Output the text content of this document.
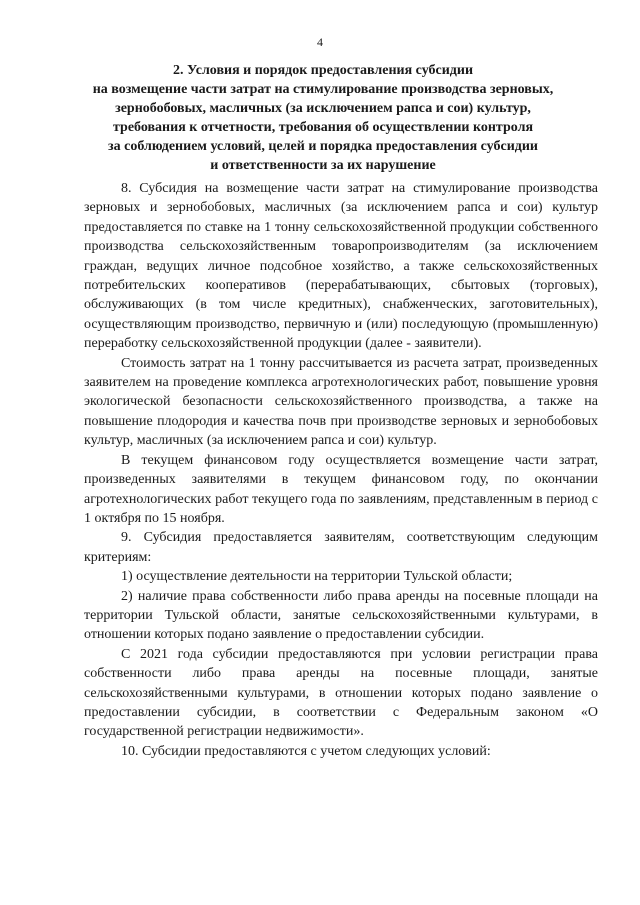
4
2. Условия и порядок предоставления субсидии
на возмещение части затрат на стимулирование производства зерновых,
зернобобовых, масличных (за исключением рапса и сои) культур,
требования к отчетности, требования об осуществлении контроля
за соблюдением условий, целей и порядка предоставления субсидии
и ответственности за их нарушение

8. Субсидия на возмещение части затрат на стимулирование производства зерновых и зернобобовых, масличных (за исключением рапса и сои) культур предоставляется по ставке на 1 тонну сельскохозяйственной продукции собственного производства сельскохозяйственным товаропроизводителям (за исключением граждан, ведущих личное подсобное хозяйство, а также сельскохозяйственных потребительских кооперативов (перерабатывающих, сбытовых (торговых), обслуживающих (в том числе кредитных), снабженческих, заготовительных), осуществляющим производство, первичную и (или) последующую (промышленную) переработку сельскохозяйственной продукции (далее - заявители).

Стоимость затрат на 1 тонну рассчитывается из расчета затрат, произведенных заявителем на проведение комплекса агротехнологических работ, повышение уровня экологической безопасности сельскохозяйственного производства, а также на повышение плодородия и качества почв при производстве зерновых и зернобобовых культур, масличных (за исключением рапса и сои) культур.

В текущем финансовом году осуществляется возмещение части затрат, произведенных заявителями в текущем финансовом году, по окончании агротехнологических работ текущего года по заявлениям, представленным в период с 1 октября по 15 ноября.

9. Субсидия предоставляется заявителям, соответствующим следующим критериям:

1) осуществление деятельности на территории Тульской области;

2) наличие права собственности либо права аренды на посевные площади на территории Тульской области, занятые сельскохозяйственными культурами, в отношении которых подано заявление о предоставлении субсидии.

С 2021 года субсидии предоставляются при условии регистрации права собственности либо права аренды на посевные площади, занятые сельскохозяйственными культурами, в отношении которых подано заявление о предоставлении субсидии, в соответствии с Федеральным законом «О государственной регистрации недвижимости».

10. Субсидии предоставляются с учетом следующих условий:
